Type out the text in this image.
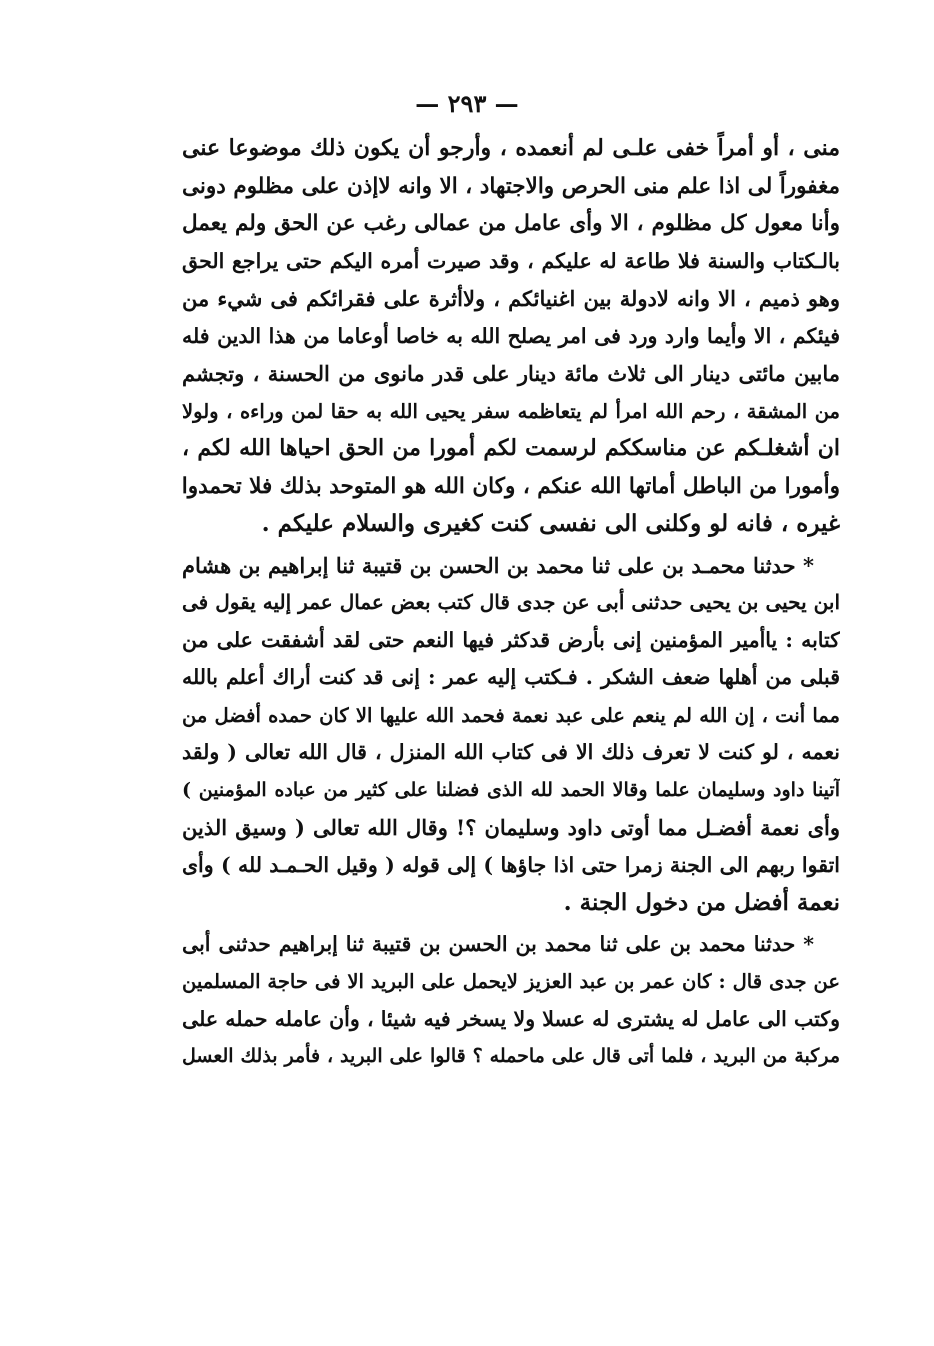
— ٢٩٣ —
منى ، أو أمراً خفى علـى لم أنعمده ، وأرجو أن يكون ذلك موضوعا عنى
مغفوراً لى اذا علم منى الحرص والاجتهاد ، الا وانه لاإذن على مظلوم دونى
وأنا معول كل مظلوم ، الا وأى عامل من عمالى رغب عن الحق ولم يعمل
بالـكتاب والسنة فلا طاعة له عليكم ، وقد صيرت أمره اليكم حتى يراجع الحق
وهو ذميم ، الا وانه لادولة بين اغنيائكم ، ولاأثرة على فقرائكم فى شيء من
فيئكم ، الا وأيما وارد ورد فى امر يصلح الله به خاصا أوعاما من هذا الدين فله
مابين مائتى دينار الى ثلاث مائة دينار على قدر مانوى من الحسنة ، وتجشم
من المشقة ، رحم الله امرأ لم يتعاظمه سفر يحيى الله به حقا لمن وراءه ، ولولا
ان أشغلـكم عن مناسككم لرسمت لكم أمورا من الحق احياها الله لكم ،
وأمورا من الباطل أماتها الله عنكم ، وكان الله هو المتوحد بذلك فلا تحمدوا
غيره ، فانه لو وكلنى الى نفسى كنت كغيرى والسلام عليكم .
* حدثنا محمـد بن على ثنا محمد بن الحسن بن قتيبة ثنا إبراهيم بن هشام
ابن يحيى بن يحيى حدثنى أبى عن جدى قال كتب بعض عمال عمر إليه يقول فى
كتابه : ياأمير المؤمنين إنى بأرض قدكثر فيها النعم حتى لقد أشفقت على من
قبلى من أهلها ضعف الشكر . فـكتب إليه عمر : إنى قد كنت أراك أعلم بالله
مما أنت ، إن الله لم ينعم على عبد نعمة فحمد الله عليها الا كان حمده أفضل من
نعمه ، لو كنت لا تعرف ذلك الا فى كتاب الله المنزل ، قال الله تعالى ( ولقد
آتينا داود وسليمان علما وقالا الحمد لله الذى فضلنا على كثير من عباده المؤمنين )
وأى نعمة أفضـل مما أوتى داود وسليمان ؟! وقال الله تعالى ( وسيق الذين
اتقوا ربهم الى الجنة زمرا حتى اذا جاؤها ) إلى قوله ( وقيل الحـمـد لله ) وأى
نعمة أفضل من دخول الجنة .
* حدثنا محمد بن على ثنا محمد بن الحسن بن قتيبة ثنا إبراهيم حدثنى أبى
عن جدى قال : كان عمر بن عبد العزيز لايحمل على البريد الا فى حاجة المسلمين
وكتب الى عامل له يشترى له عسلا ولا يسخر فيه شيئا ، وأن عامله حمله على
مركبة من البريد ، فلما أتى قال على ماحمله ؟ قالوا على البريد ، فأمر بذلك العسل
